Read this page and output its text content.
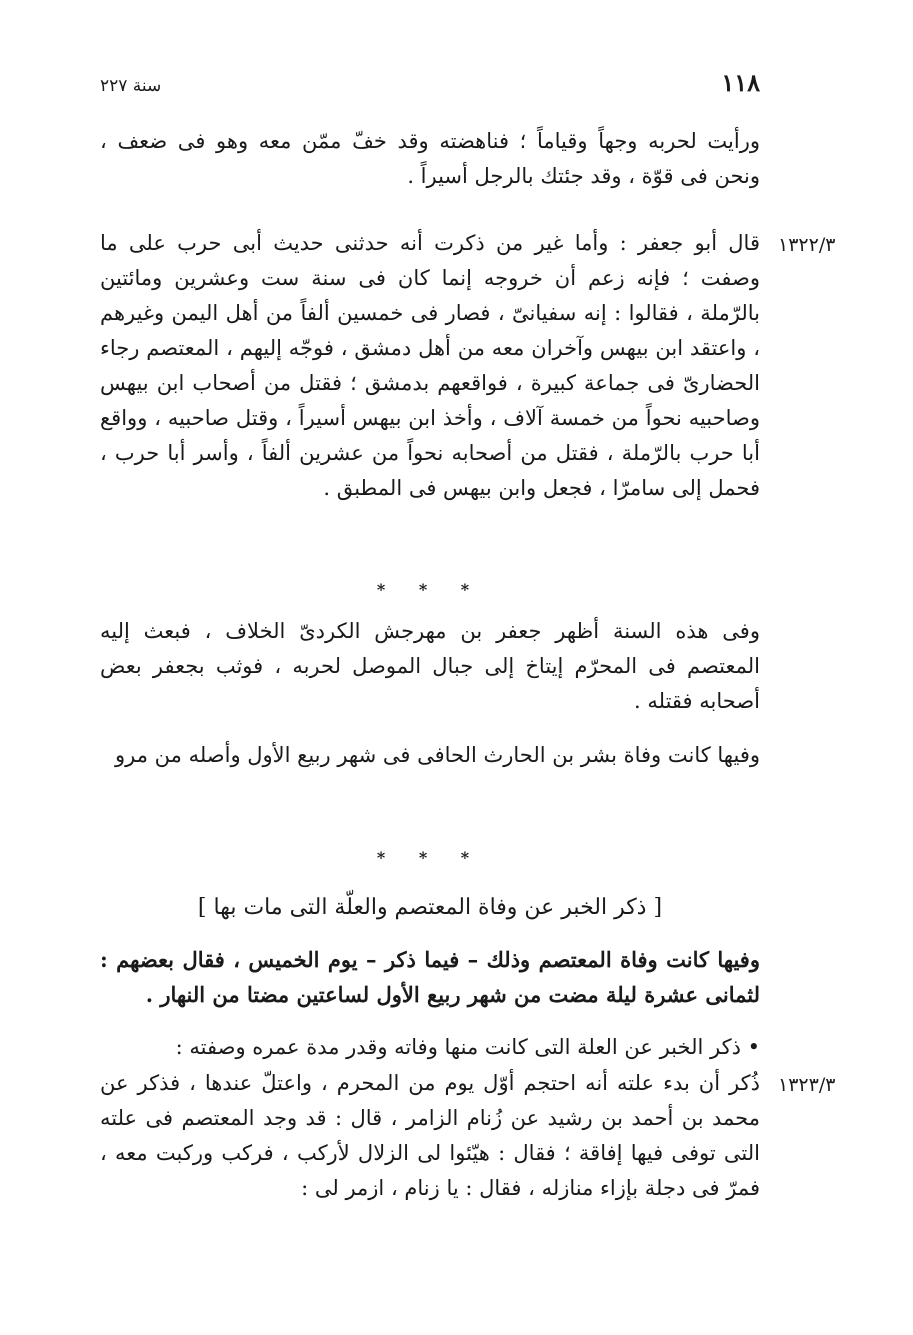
سنة ٢٢٧	١١٨

ورأيت لحربه وجهاً وقياماً ؛ فناهضته وقد خفّ ممّن معه وهو فى ضعف ، ونحن فى قوّة ، وقد جئتك بالرجل أسيراً .

١٣٢٢/٣

قال أبو جعفر : وأما غير من ذكرت أنه حدثنى حديث أبى حرب على ما وصفت ؛ فإنه زعم أن خروجه إنما كان فى سنة ست وعشرين ومائتين بالرّملة ، فقالوا : إنه سفيانىّ ، فصار فى خمسين ألفاً من أهل اليمن وغيرهم ، واعتقد ابن بيهس وآخران معه من أهل دمشق ، فوجّه إليهم ، المعتصم رجاء الحضارىّ فى جماعة كبيرة ، فواقعهم بدمشق ؛ فقتل من أصحاب ابن بيهس وصاحبيه نحواً من خمسة آلاف ، وأخذ ابن بيهس أسيراً ، وقتل صاحبيه ، وواقع أبا حرب بالرّملة ، فقتل من أصحابه نحواً من عشرين ألفاً ، وأسر أبا حرب ، فحمل إلى سامرّا ، فجعل وابن بيهس فى المطبق .

* * *

وفى هذه السنة أظهر جعفر بن مهرجش الكردىّ الخلاف ، فبعث إليه المعتصم فى المحرّم إيتاخ إلى جبال الموصل لحربه ، فوثب بجعفر بعض أصحابه فقتله .

وفيها كانت وفاة بشر بن الحارث الحافى فى شهر ربيع الأول وأصله من مرو

* * *
[ ذكر الخبر عن وفاة المعتصم والعلّة التى مات بها ]

وفيها كانت وفاة المعتصم وذلك – فيما ذكر – يوم الخميس ، فقال بعضهم : لثمانى عشرة ليلة مضت من شهر ربيع الأول لساعتين مضتا من النهار .

• ذكر الخبر عن العلة التى كانت منها وفاته وقدر مدة عمره وصفته :

١٣٢٣/٣

ذُكر أن بدء علته أنه احتجم أوّل يوم من المحرم ، واعتلّ عندها ، فذكر عن محمد بن أحمد بن رشيد عن زُنام الزامر ، قال : قد وجد المعتصم فى علته التى توفى فيها إفاقة ؛ فقال : هيّئوا لى الزلال لأركب ، فركب وركبت معه ، فمرّ فى دجلة بإزاء منازله ، فقال : يا زنام ، ازمر لى :
